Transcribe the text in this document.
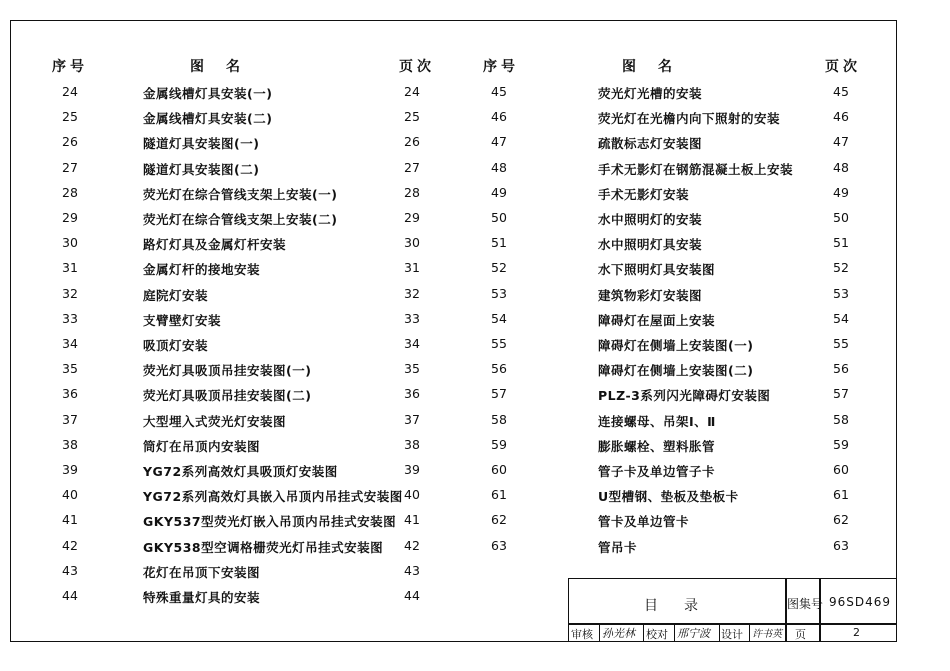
序号	图　名	页次	序号	图　名	页次
24	金属线槽灯具安装(一)	24
25	金属线槽灯具安装(二)	25
26	隧道灯具安装图(一)	26
27	隧道灯具安装图(二)	27
28	荧光灯在综合管线支架上安装(一)	28
29	荧光灯在综合管线支架上安装(二)	29
30	路灯灯具及金属灯杆安装	30
31	金属灯杆的接地安装	31
32	庭院灯安装	32
33	支臂壁灯安装	33
34	吸顶灯安装	34
35	荧光灯具吸顶吊挂安装图(一)	35
36	荧光灯具吸顶吊挂安装图(二)	36
37	大型埋入式荧光灯安装图	37
38	筒灯在吊顶内安装图	38
39	YG72系列高效灯具吸顶灯安装图	39
40	YG72系列高效灯具嵌入吊顶内吊挂式安装图 40
41	GKY537型荧光灯嵌入吊顶内吊挂式安装图 41
42	GKY538型空调格栅荧光灯吊挂式安装图 42
43	花灯在吊顶下安装图	43
44	特殊重量灯具的安装	44
45	荧光灯光槽的安装	45
46	荧光灯在光檐内向下照射的安装	46
47	疏散标志灯安装图	47
48	手术无影灯在钢筋混凝土板上安装	48
49	手术无影灯安装	49
50	水中照明灯的安装	50
51	水中照明灯具安装	51
52	水下照明灯具安装图	52
53	建筑物彩灯安装图	53
54	障碍灯在屋面上安装	54
55	障碍灯在侧墙上安装图(一)	55
56	障碍灯在侧墙上安装图(二)	56
57	PLZ-3系列闪光障碍灯安装图	57
58	连接螺母、吊架Ⅰ、Ⅱ	58
59	膨胀螺栓、塑料胀管	59
60	管子卡及单边管子卡	60
61	U型槽钢、垫板及垫板卡	61
62	管卡及单边管卡	62
63	管吊卡	63
目　录	图集号 96SD469
审核 孙光林 校对 邢宁波 设计 许书英 页	2
